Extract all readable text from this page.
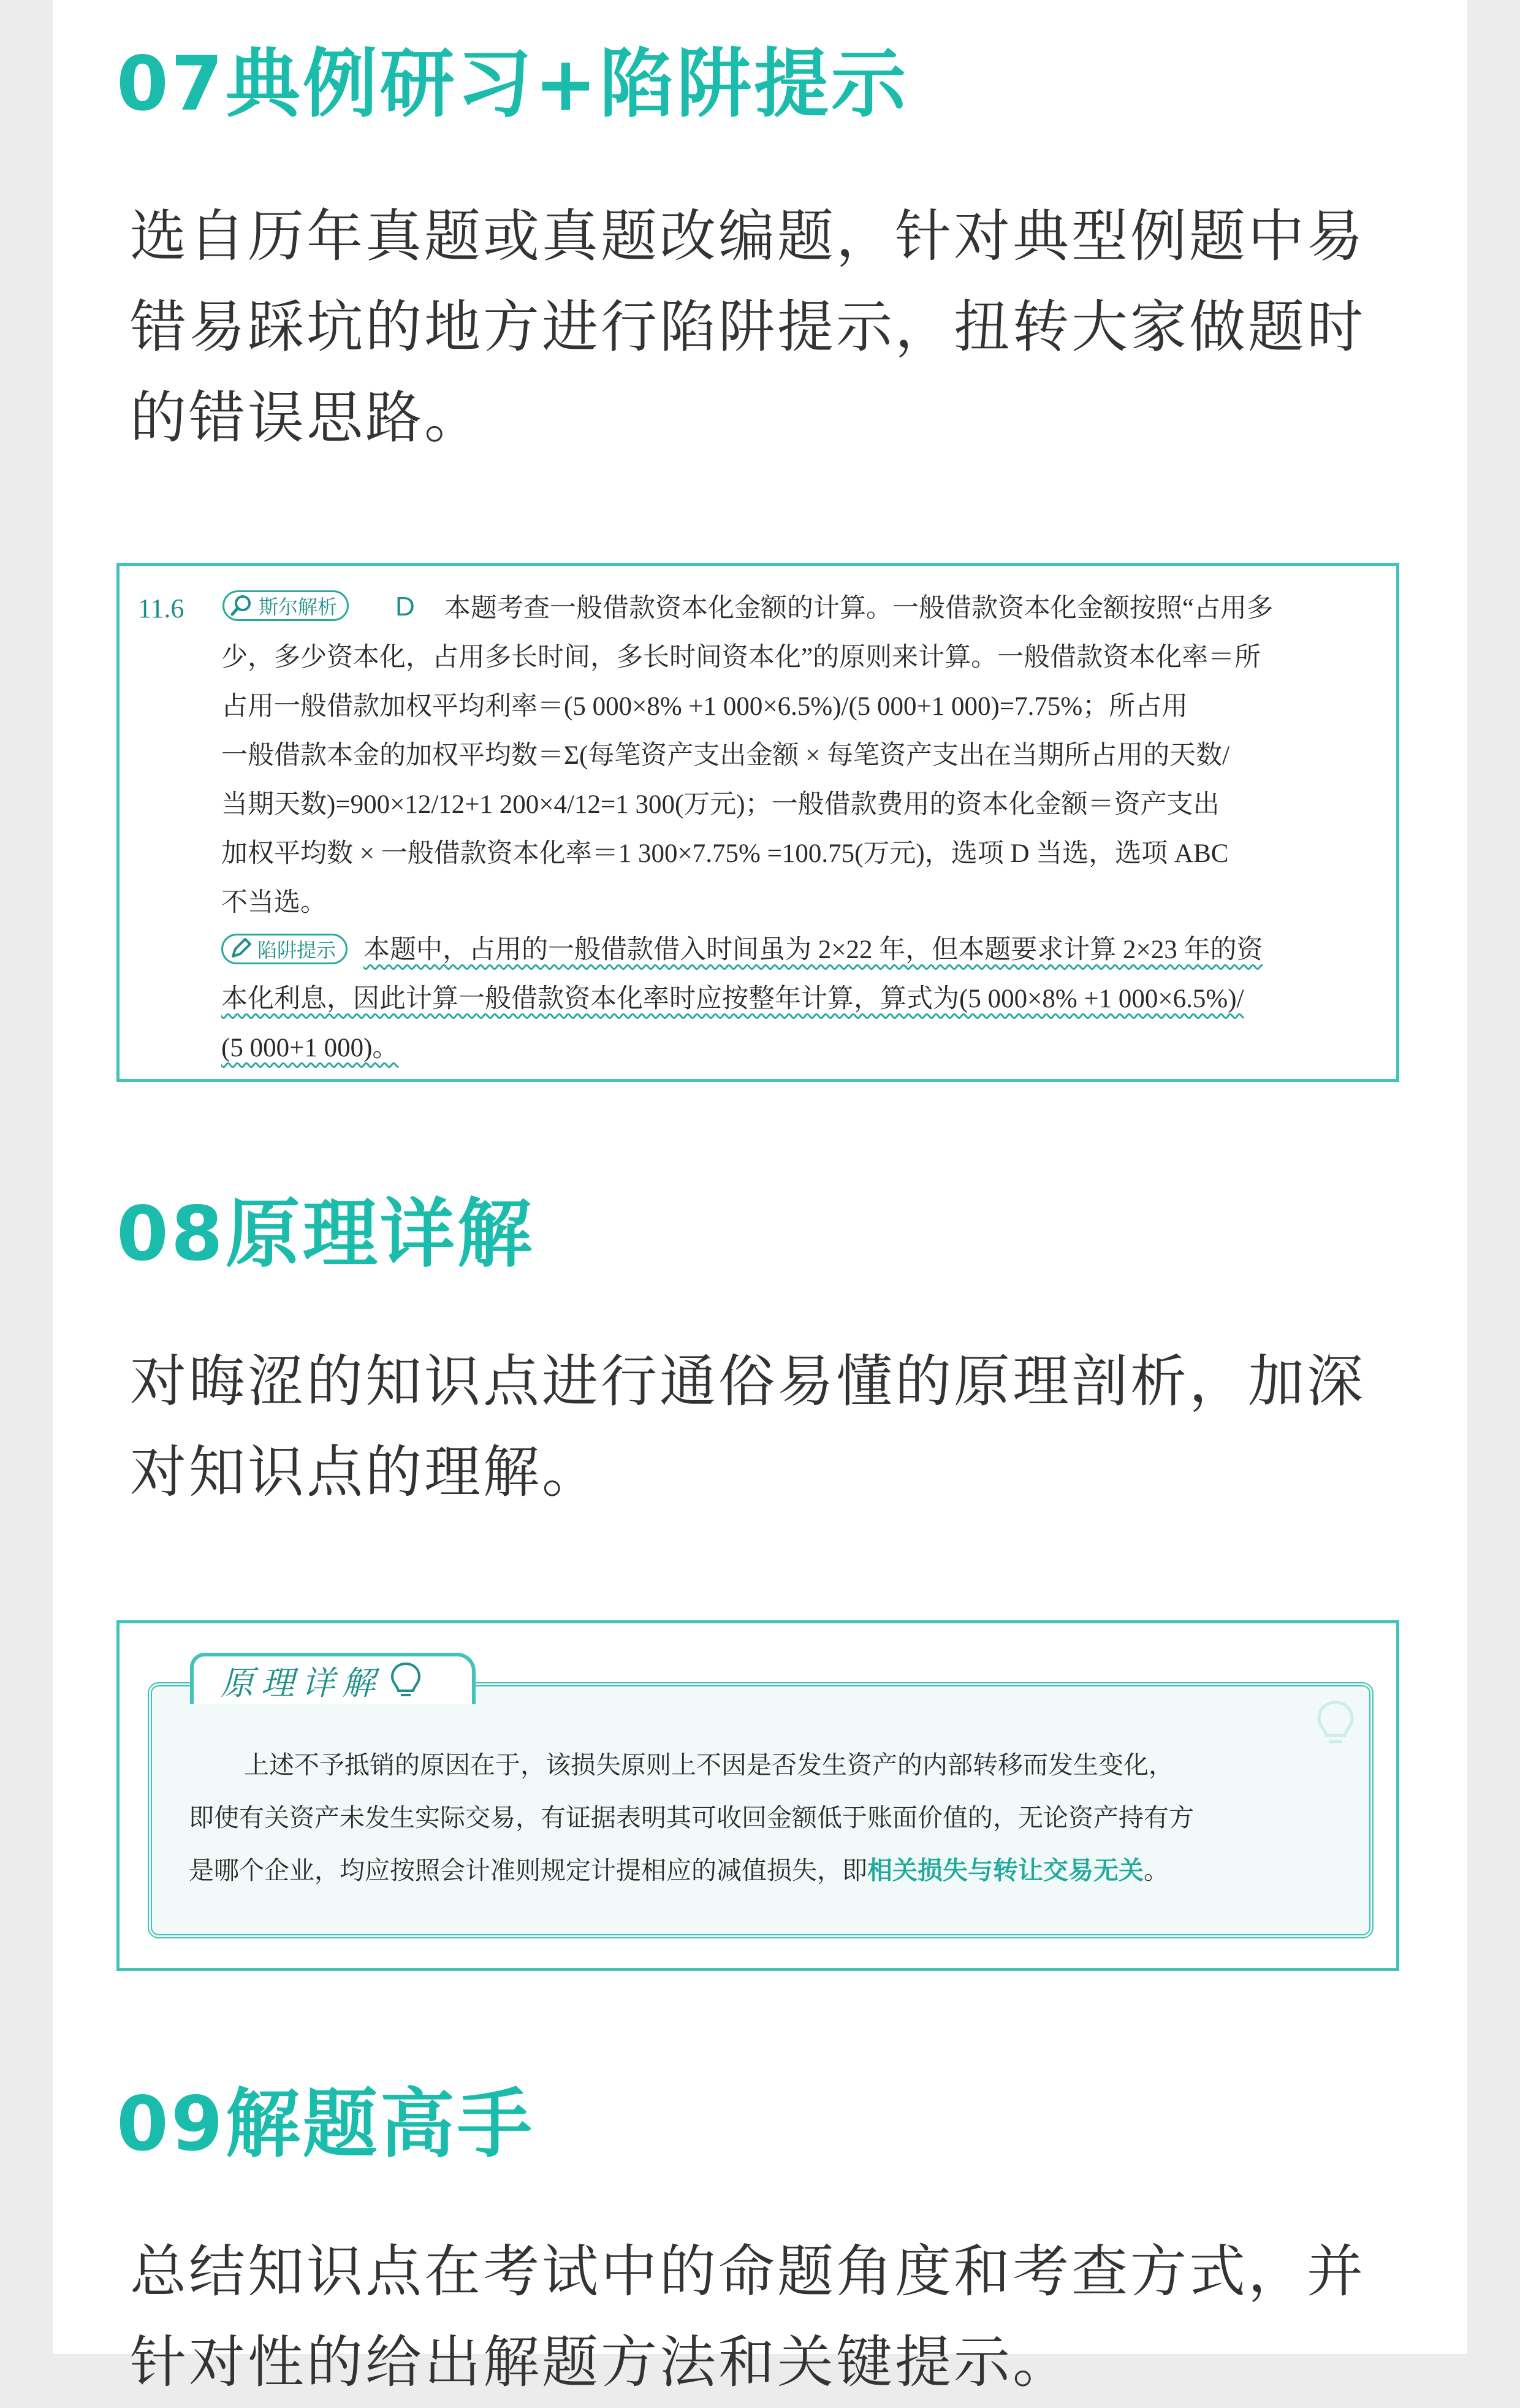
07典例研习+陷阱提示
选自历年真题或真题改编题，针对典型例题中易
错易踩坑的地方进行陷阱提示，扭转大家做题时
的错误思路。
11.6	斯尔解析 D 本题考查一般借款资本化金额的计算。一般借款资本化金额按照“占用多
少，多少资本化，占用多长时间，多长时间资本化”的原则来计算。一般借款资本化率＝所
占用一般借款加权平均利率＝(5 000×8% +1 000×6.5%)/(5 000+1 000)=7.75%；所占用
一般借款本金的加权平均数＝Σ(每笔资产支出金额 × 每笔资产支出在当期所占用的天数/
当期天数)=900×12/12+1 200×4/12=1 300(万元)；一般借款费用的资本化金额＝资产支出
加权平均数 × 一般借款资本化率＝1 300×7.75% =100.75(万元)，选项 D 当选，选项 ABC
不当选。
陷阱提示 本题中，占用的一般借款借入时间虽为 2×22 年，但本题要求计算 2×23 年的资
本化利息，因此计算一般借款资本化率时应按整年计算，算式为(5 000×8% +1 000×6.5%)/
(5 000+1 000)。
08原理详解
对晦涩的知识点进行通俗易懂的原理剖析，加深
对知识点的理解。
上述不予抵销的原因在于，该损失原则上不因是否发生资产的内部转移而发生变化，
即使有关资产未发生实际交易，有证据表明其可收回金额低于账面价值的，无论资产持有方
是哪个企业，均应按照会计准则规定计提相应的减值损失，即相关损失与转让交易无关。
原理详解
09解题高手
总结知识点在考试中的命题角度和考查方式，并
针对性的给出解题方法和关键提示。
